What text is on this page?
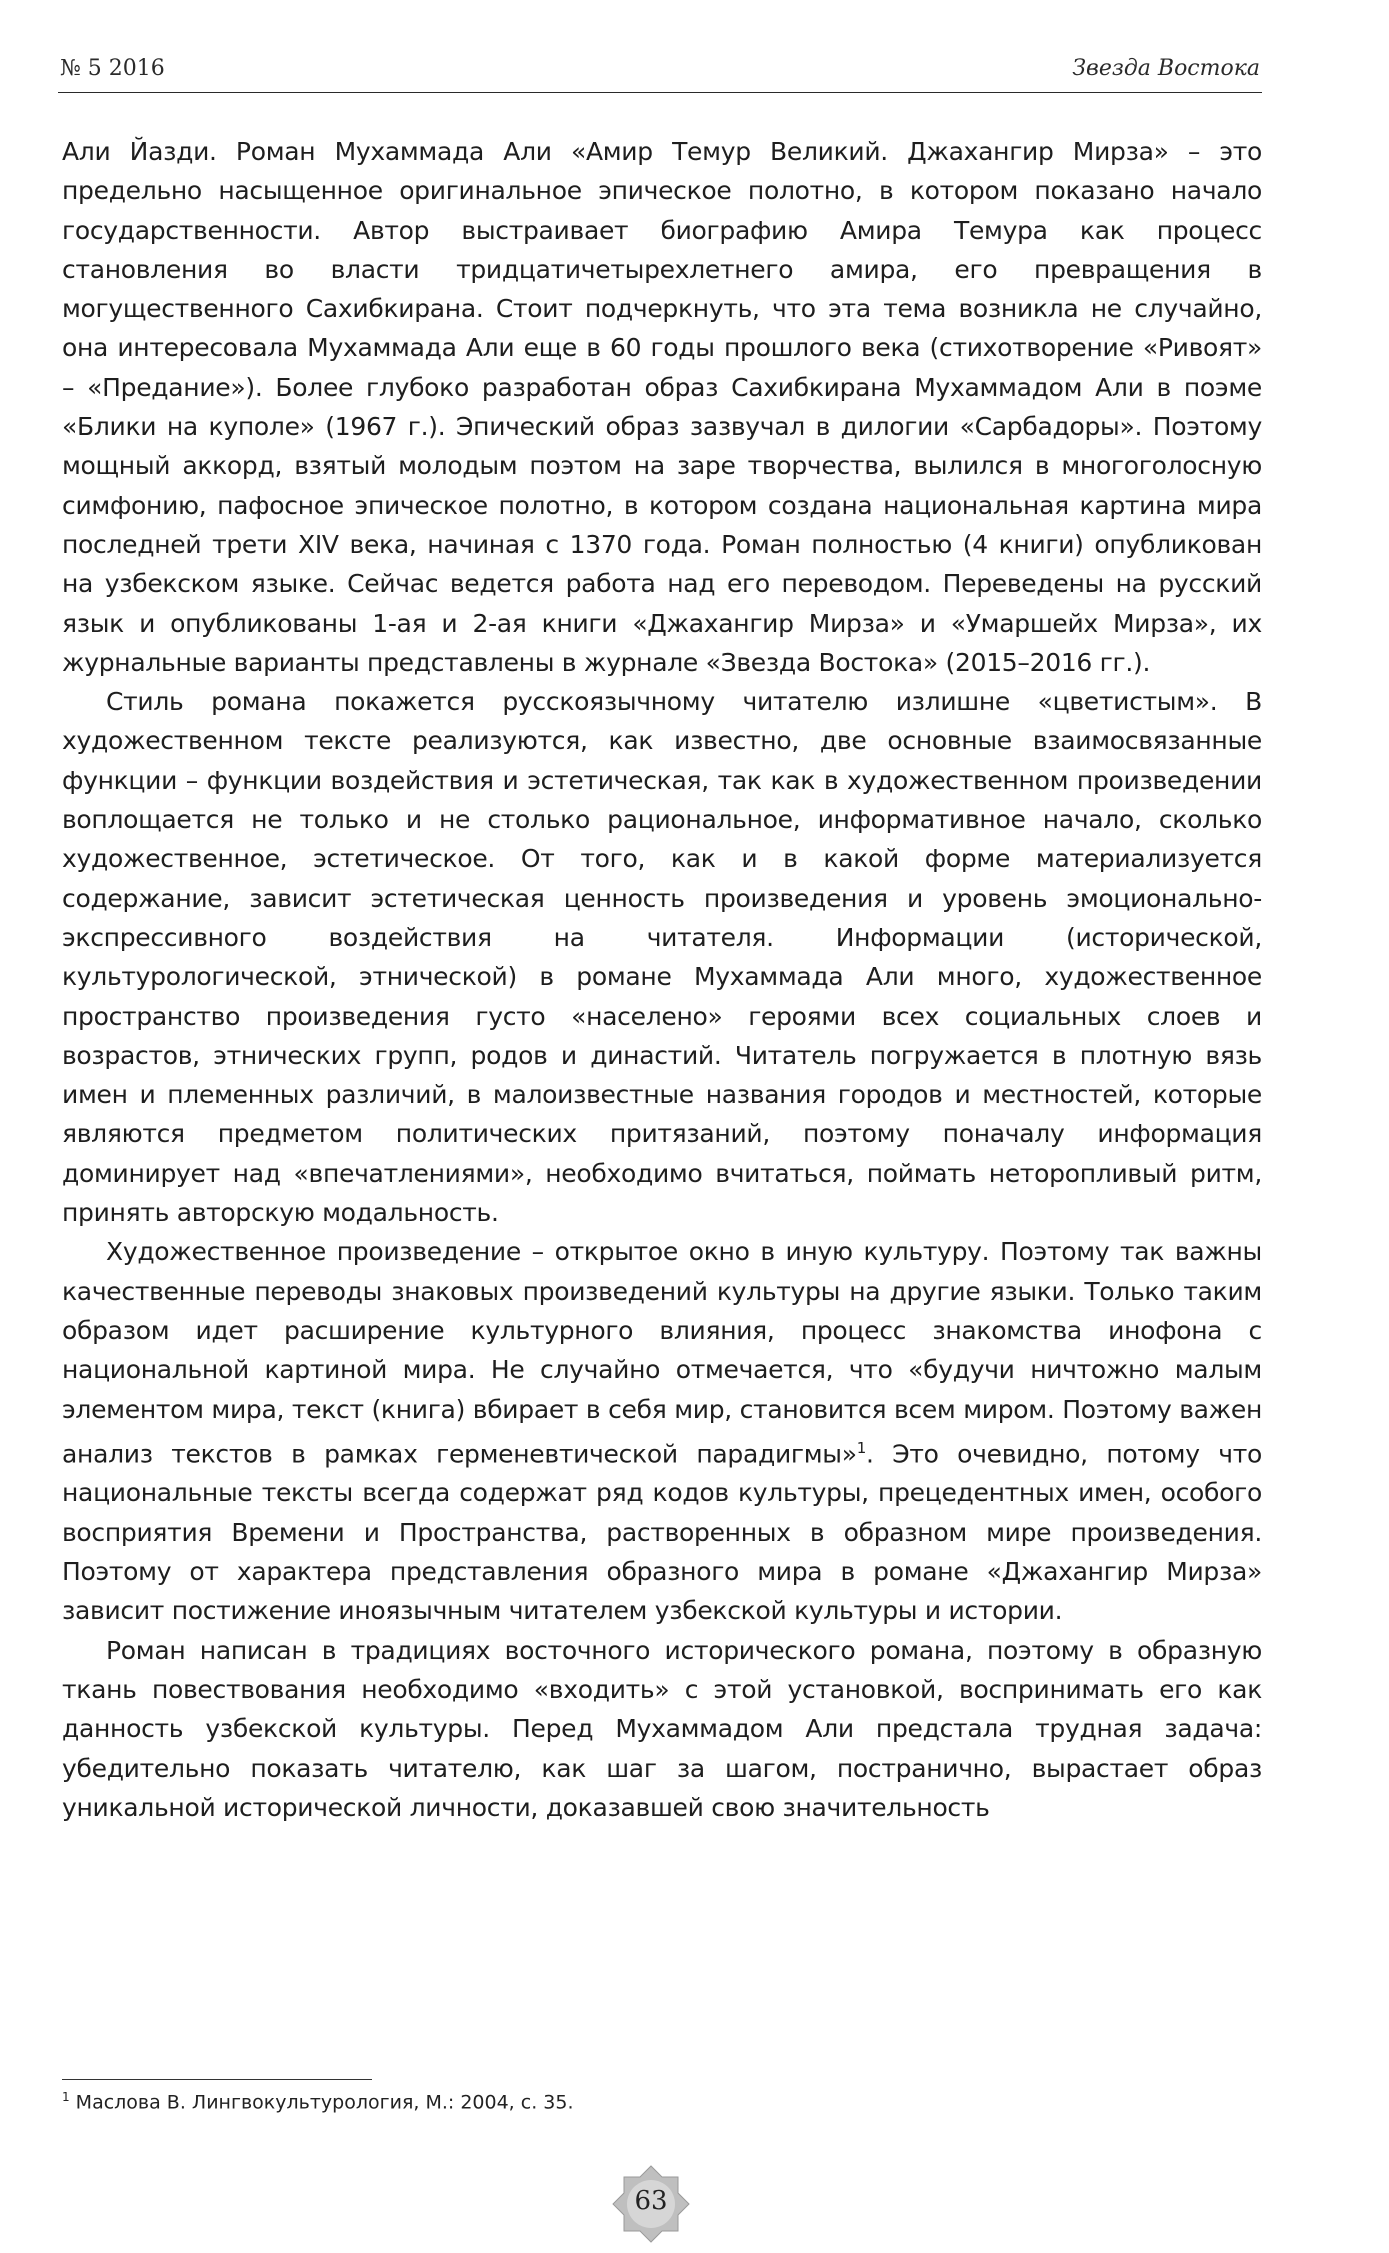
№ 5 2016	Звезда Востока

Али Йазди. Роман Мухаммада Али «Амир Темур Великий. Джахангир Мирза» – это предельно насыщенное оригинальное эпическое полотно, в котором показано начало государственности. Автор выстраивает биографию Амира Темура как процесс становления во власти тридцатичетырехлетнего амира, его превращения в могущественного Сахибкирана. Стоит подчеркнуть, что эта тема возникла не случайно, она интересовала Мухаммада Али еще в 60 годы прошлого века (стихотворение «Ривоят» – «Предание»). Более глубоко разработан образ Сахибкирана Мухаммадом Али в поэме «Блики на куполе» (1967 г.). Эпический образ зазвучал в дилогии «Сарбадоры». Поэтому мощный аккорд, взятый молодым поэтом на заре творчества, вылился в многоголосную симфонию, пафосное эпическое полотно, в котором создана национальная картина мира последней трети XIV века, начиная с 1370 года. Роман полностью (4 книги) опубликован на узбекском языке. Сейчас ведется работа над его переводом. Переведены на русский язык и опубликованы 1-ая и 2-ая книги «Джахангир Мирза» и «Умаршейх Мирза», их журнальные варианты представлены в журнале «Звезда Востока» (2015–2016 гг.).

Стиль романа покажется русскоязычному читателю излишне «цветистым». В художественном тексте реализуются, как известно, две основные взаимосвязанные функции – функции воздействия и эстетическая, так как в художественном произведении воплощается не только и не столько рациональное, информативное начало, сколько художественное, эстетическое. От того, как и в какой форме материализуется содержание, зависит эстетическая ценность произведения и уровень эмоционально-экспрессивного воздействия на читателя. Информации (исторической, культурологической, этнической) в романе Мухаммада Али много, художественное пространство произведения густо «населено» героями всех социальных слоев и возрастов, этнических групп, родов и династий. Читатель погружается в плотную вязь имен и племенных различий, в малоизвестные названия городов и местностей, которые являются предметом политических притязаний, поэтому поначалу информация доминирует над «впечатлениями», необходимо вчитаться, поймать неторопливый ритм, принять авторскую модальность.

Художественное произведение – открытое окно в иную культуру. Поэтому так важны качественные переводы знаковых произведений культуры на другие языки. Только таким образом идет расширение культурного влияния, процесс знакомства инофона с национальной картиной мира. Не случайно отмечается, что «будучи ничтожно малым элементом мира, текст (книга) вбирает в себя мир, становится всем миром. Поэтому важен анализ текстов в рамках герменевтической парадигмы»$^1$. Это очевидно, потому что национальные тексты всегда содержат ряд кодов культуры, прецедентных имен, особого восприятия Времени и Пространства, растворенных в образном мире произведения. Поэтому от характера представления образного мира в романе «Джахангир Мирза» зависит постижение иноязычным читателем узбекской культуры и истории.

Роман написан в традициях восточного исторического романа, поэтому в образную ткань повествования необходимо «входить» с этой установкой, воспринимать его как данность узбекской культуры. Перед Мухаммадом Али предстала трудная задача: убедительно показать читателю, как шаг за шагом, постранично, вырастает образ уникальной исторической личности, доказавшей свою значительность

$^1$ Маслова В. Лингвокультурология, М.: 2004, с. 35.
63
